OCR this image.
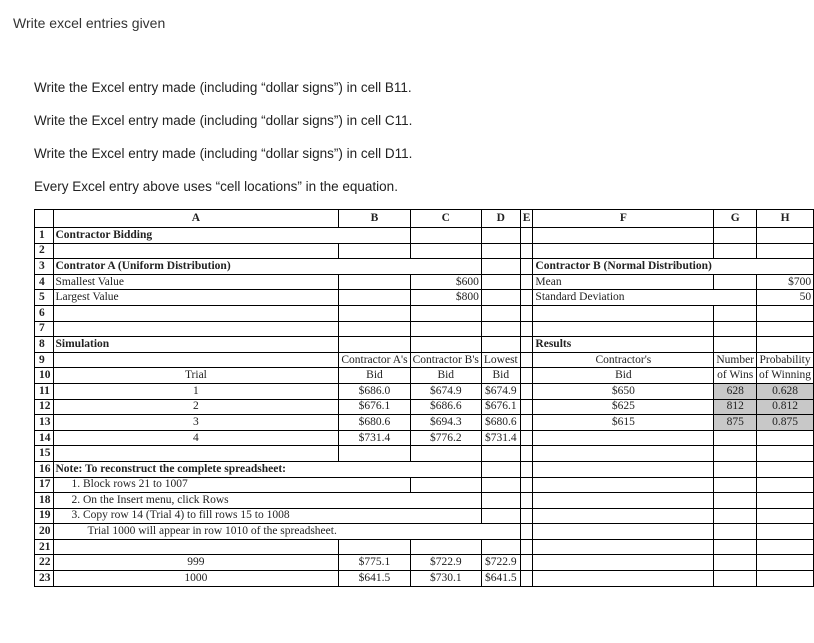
Write excel entries given
Write the Excel entry made (including “dollar signs”) in cell B11.
Write the Excel entry made (including “dollar signs”) in cell C11.
Write the Excel entry made (including “dollar signs”) in cell D11.
Every Excel entry above uses “cell locations” in the equation.
	A	B	C	D	E	F	G	H
1	Contractor Bidding							
2								
3	Contrator A (Uniform Distribution)					Contractor B (Normal Distribution)		
4	Smallest Value		$600			Mean		$700
5	Largest Value		$800			Standard Deviation		50
6								
7								
8	Simulation					Results		
9		Contractor A's	Contractor B's	Lowest		Contractor's	Number	Probability
10	Trial	Bid	Bid	Bid		Bid	of Wins	of Winning
11	1	$686.0	$674.9	$674.9		$650	628	0.628
12	2	$676.1	$686.6	$676.1		$625	812	0.812
13	3	$680.6	$694.3	$680.6		$615	875	0.875
14	4	$731.4	$776.2	$731.4				
15								
16	Note: To reconstruct the complete spreadsheet:							
17	1. Block rows 21 to 1007							
18	2. On the Insert menu, click Rows							
19	3. Copy row 14 (Trial 4) to fill rows 15 to 1008							
20	Trial 1000 will appear in row 1010 of the spreadsheet.							
21								
22	999	$775.1	$722.9	$722.9				
23	1000	$641.5	$730.1	$641.5				
